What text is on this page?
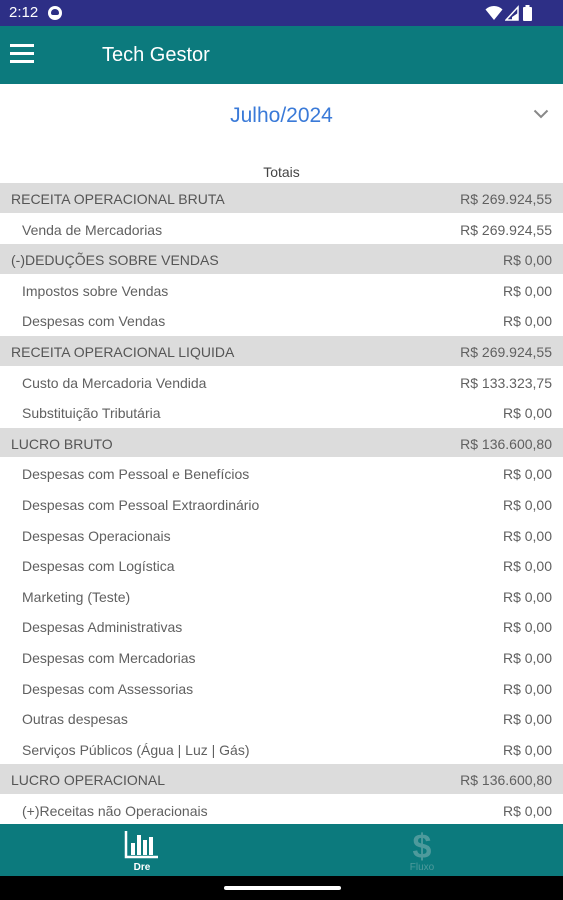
2:12
Tech Gestor
Julho/2024
Totais
RECEITA OPERACIONAL BRUTA	R$ 269.924,55
Venda de Mercadorias	R$ 269.924,55
(-)DEDUÇÕES SOBRE VENDAS	R$ 0,00
Impostos sobre Vendas	R$ 0,00
Despesas com Vendas	R$ 0,00
RECEITA OPERACIONAL LIQUIDA	R$ 269.924,55
Custo da Mercadoria Vendida	R$ 133.323,75
Substituição Tributária	R$ 0,00
LUCRO BRUTO	R$ 136.600,80
Despesas com Pessoal e Benefícios	R$ 0,00
Despesas com Pessoal Extraordinário	R$ 0,00
Despesas Operacionais	R$ 0,00
Despesas com Logística	R$ 0,00
Marketing (Teste)	R$ 0,00
Despesas Administrativas	R$ 0,00
Despesas com Mercadorias	R$ 0,00
Despesas com Assessorias	R$ 0,00
Outras despesas	R$ 0,00
Serviços Públicos (Água | Luz | Gás)	R$ 0,00
LUCRO OPERACIONAL	R$ 136.600,80
(+)Receitas não Operacionais	R$ 0,00
Dre
$
Fluxo
